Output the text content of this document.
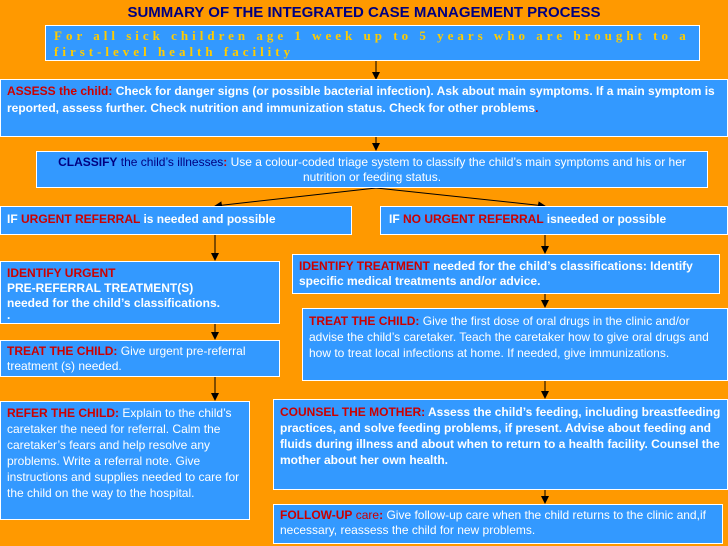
SUMMARY OF THE INTEGRATED CASE MANAGEMENT PROCESS
For all sick children age 1 week up to 5 years who are brought to a first-level health facility
ASSESS the child: Check for danger signs (or possible bacterial infection). Ask about main symptoms. If a main symptom is reported, assess further. Check nutrition and immunization status. Check for other problems.
CLASSIFY the child’s illnesses: Use a colour-coded triage system to classify the child’s main symptoms and his or her nutrition or feeding status.
IF URGENT REFERRAL is needed and possible	IF NO URGENT REFERRAL isneeded or possible
IDENTIFY URGENT
PRE-REFERRAL TREATMENT(S)
needed for the child’s classifications.
.
IDENTIFY TREATMENT needed for the child’s classifications: Identify specific medical treatments and/or advice.
TREAT THE CHILD: Give urgent pre-referral treatment (s) needed.
TREAT THE CHILD: Give the first dose of oral drugs in the clinic and/or advise the child’s caretaker. Teach the caretaker how to give oral drugs and how to treat local infections at home. If needed, give immunizations.
REFER THE CHILD: Explain to the child’s caretaker the need for referral. Calm the caretaker’s fears and help resolve any problems. Write a referral note. Give instructions and supplies needed to care for the child on the way to the hospital.
COUNSEL THE MOTHER: Assess the child’s feeding, including breastfeeding practices, and solve feeding problems, if present. Advise about feeding and fluids during illness and about when to return to a health facility. Counsel the mother about her own health.
FOLLOW-UP care: Give follow-up care when the child returns to the clinic and,if necessary, reassess the child for new problems.
